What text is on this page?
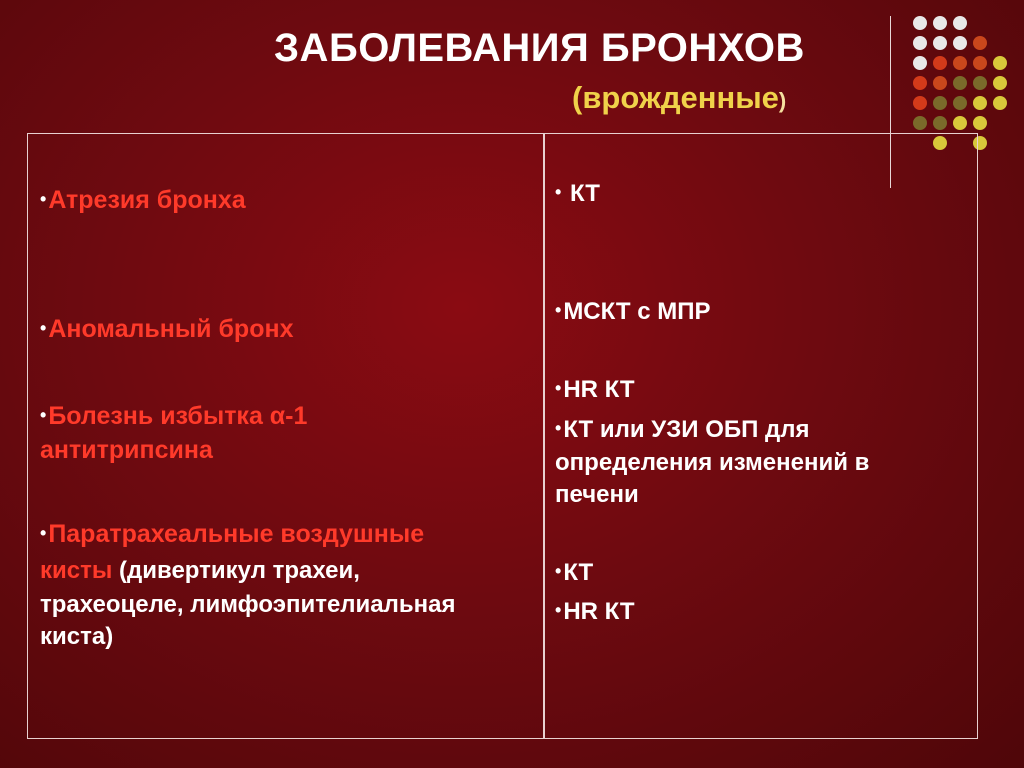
ЗАБОЛЕВАНИЯ БРОНХОВ
(врожденные)

•Атрезия бронха

•Аномальный бронх

•Болезнь избытка α-1

антитрипсина

•Паратрахеальные воздушные

кисты (дивертикул трахеи,

трахеоцеле, лимфоэпителиальная

киста)

• КТ

•МСКТ с МПР

•HR КТ

•КТ или УЗИ ОБП для

определения изменений в

печени

•КТ

•HR КТ
